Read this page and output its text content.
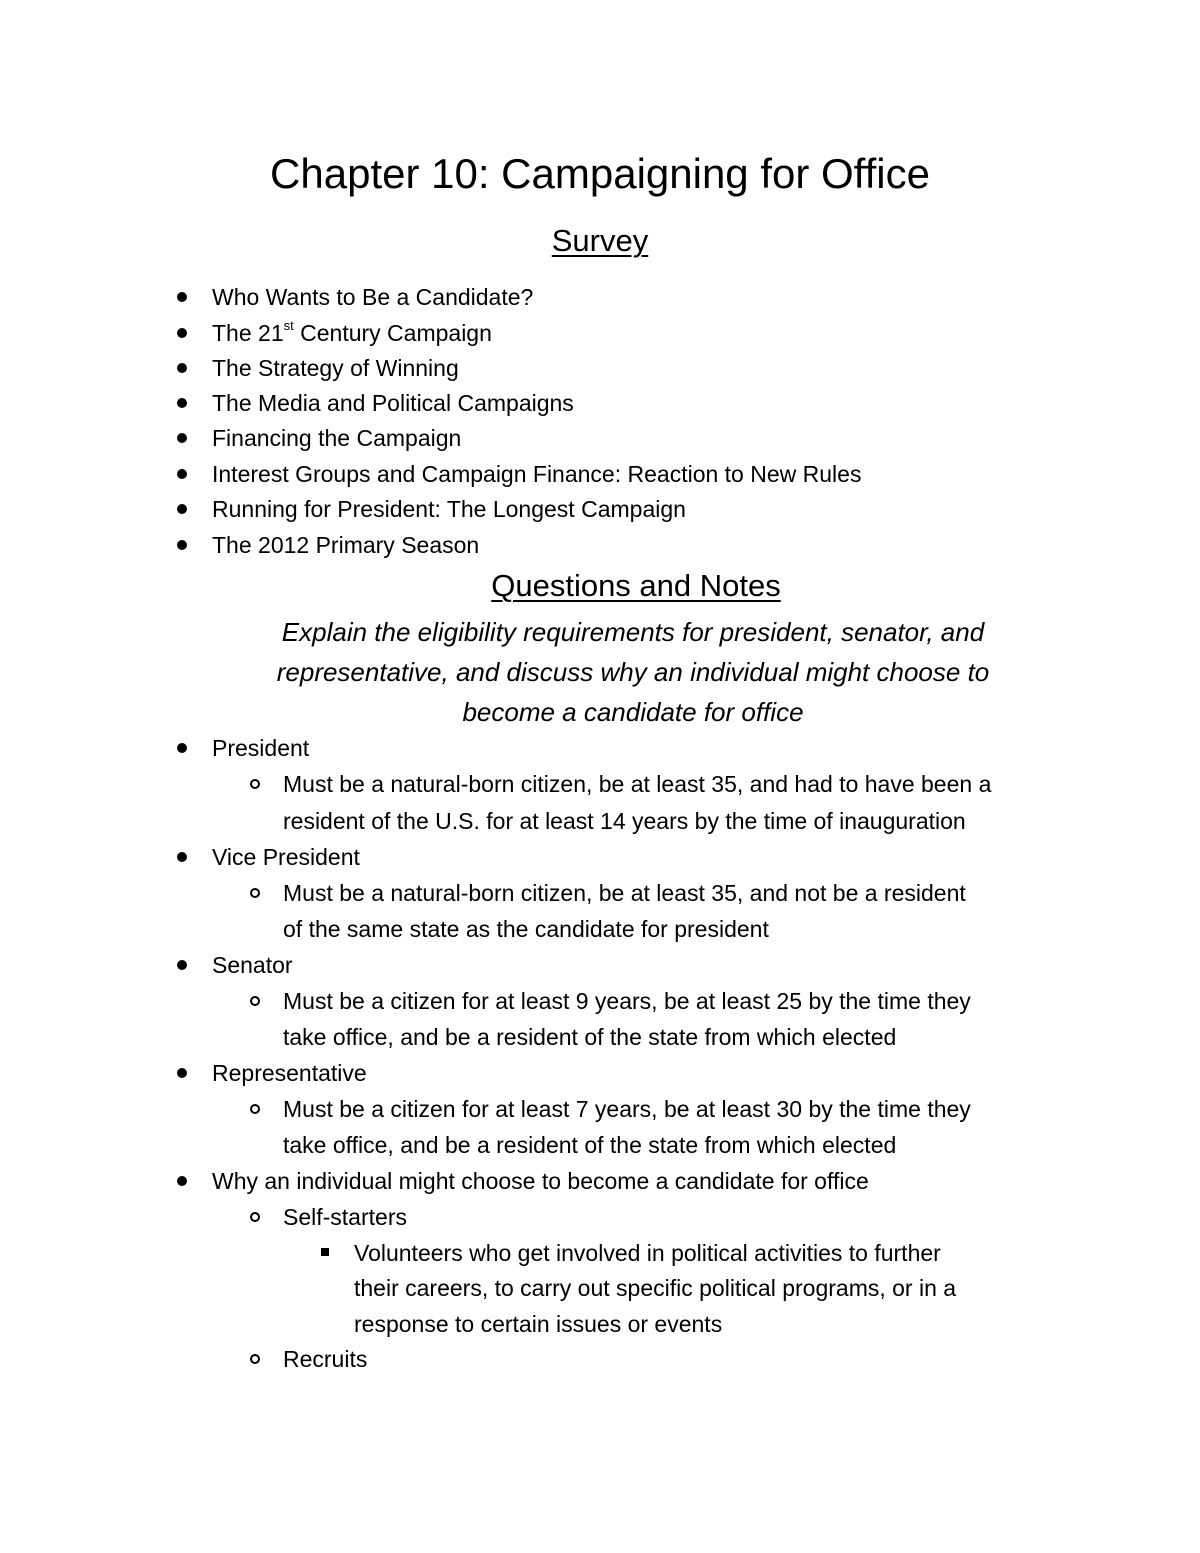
Chapter 10: Campaigning for Office
Survey
Who Wants to Be a Candidate?
The 21st Century Campaign
The Strategy of Winning
The Media and Political Campaigns
Financing the Campaign
Interest Groups and Campaign Finance: Reaction to New Rules
Running for President: The Longest Campaign
The 2012 Primary Season
Questions and Notes
Explain the eligibility requirements for president, senator, and
representative, and discuss why an individual might choose to
become a candidate for office
President
Must be a natural-born citizen, be at least 35, and had to have been a
resident of the U.S. for at least 14 years by the time of inauguration
Vice President
Must be a natural-born citizen, be at least 35, and not be a resident
of the same state as the candidate for president
Senator
Must be a citizen for at least 9 years, be at least 25 by the time they
take office, and be a resident of the state from which elected
Representative
Must be a citizen for at least 7 years, be at least 30 by the time they
take office, and be a resident of the state from which elected
Why an individual might choose to become a candidate for office
Self-starters
Volunteers who get involved in political activities to further
their careers, to carry out specific political programs, or in a
response to certain issues or events
Recruits
